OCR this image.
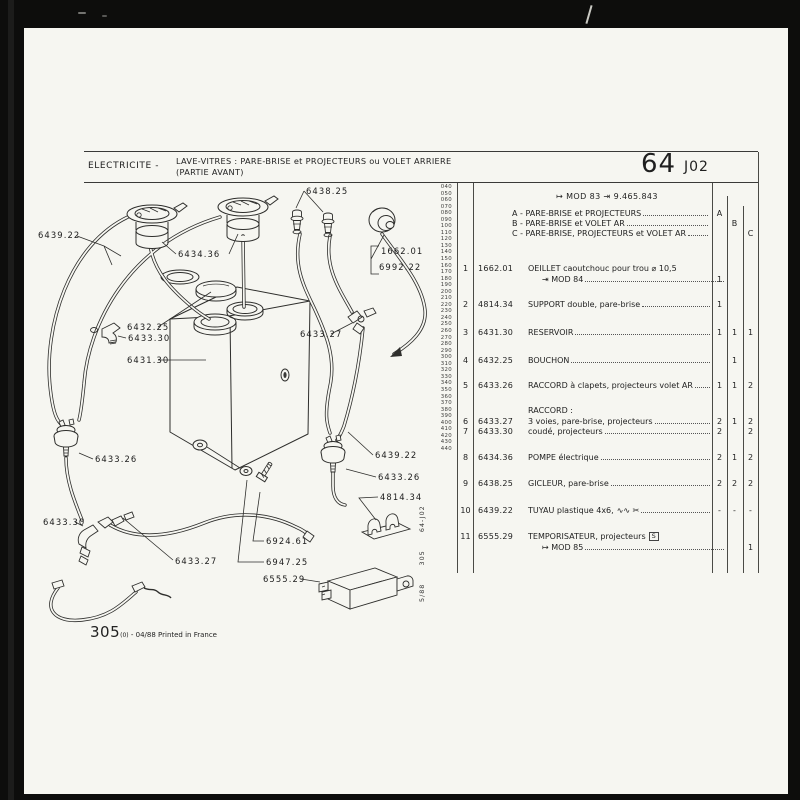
ELECTRICITE - LAVE-VITRES : PARE-BRISE et PROJECTEURS ou VOLET ARRIERE
(PARTIE AVANT)	64 J02
040
050
060
070
080
090
100
110
120
130
140
150
160
170
180
190
200
210
220
230
240
250
260
270
280
290
300
310
320
330
340
350
360
370
380
390
400
410
420
430
440
↦ MOD 83 ⇥ 9.465.843
A - PARE-BRISE et PROJECTEURS	A
B - PARE-BRISE et VOLET AR	B
C - PARE-BRISE, PROJECTEURS et VOLET AR	C
1	1662.01	OEILLET caoutchouc pour trou ⌀ 10,5
⇥ MOD 84	1
2	4814.34	SUPPORT double, pare-brise	1
3	6431.30	RESERVOIR	1	1	1
4	6432.25	BOUCHON	1
5	6433.26	RACCORD à clapets, projecteurs volet AR	1	1	2
RACCORD :
6	6433.27	3 voies, pare-brise, projecteurs	2	1	2
7	6433.30	coudé, projecteurs	2	2
8	6434.36	POMPE électrique	2	1	2
9	6438.25	GICLEUR, pare-brise	2	2	2
10 6439.22	TUYAU plastique 4x6, ∿∿ ✂	-	-	-
11 6555.29	TEMPORISATEUR, projecteurs S
↦ MOD 85	1
5/88      305      64-J02
305(0) - 04/88 Printed in France
6438.25
6439.22
6434.36	1662.01
6992.22
6432.25
6433.30
6431.30
6433.27
6433.26	6439.22
6433.26
4814.34
6433.30
6433.27
6924.61
6947.25
6555.29
